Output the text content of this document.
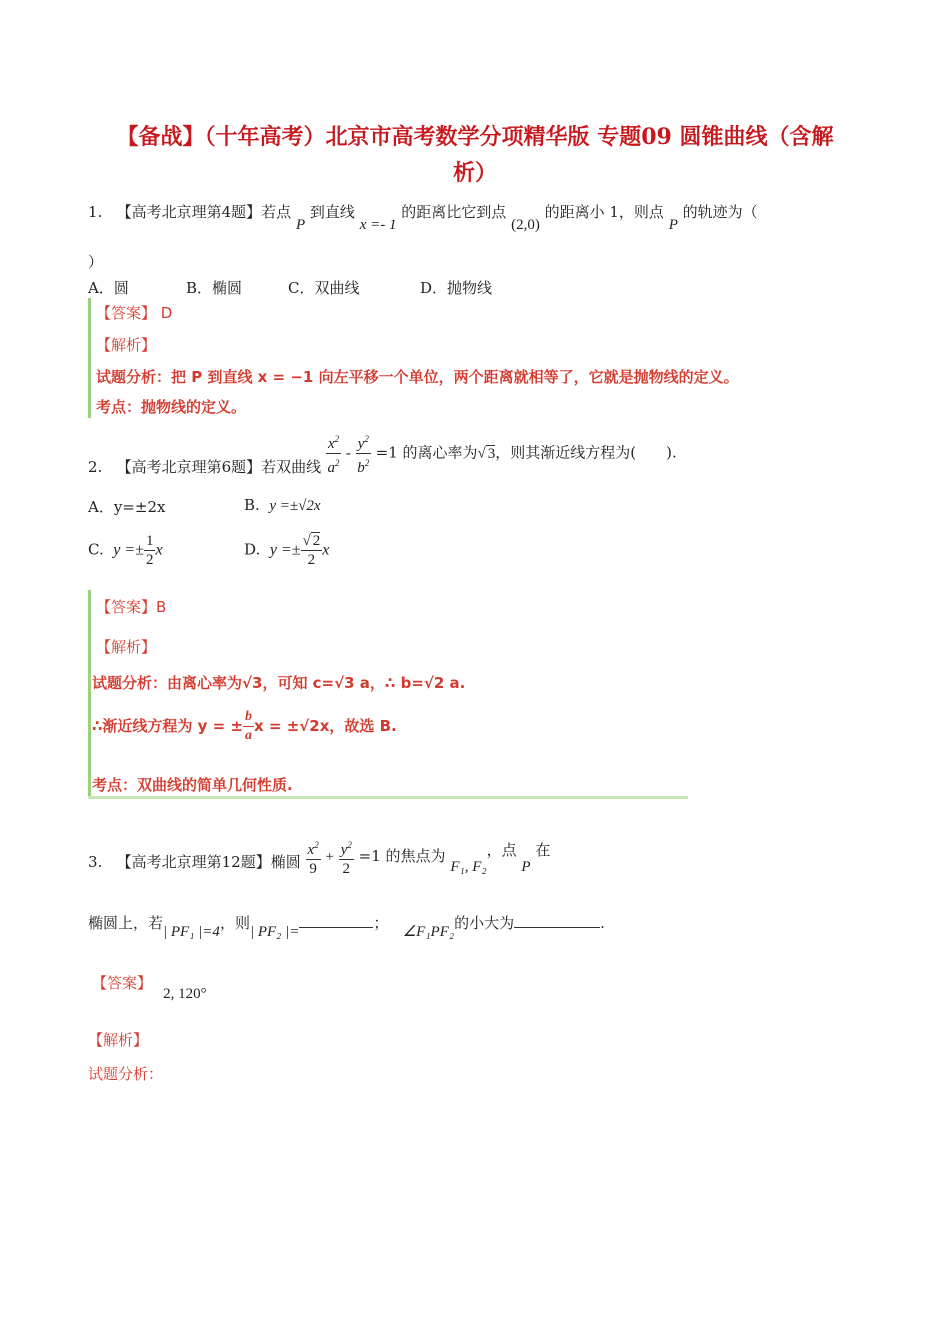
【备战】（十年高考）北京市高考数学分项精华版 专题09 圆锥曲线（含解
析）
1. 【高考北京理第4题】若点 P 到直线 x =- 1 的距离比它到点 (2,0) 的距离小 1，则点 P 的轨迹为（
）
A．圆	B．椭圆	C．双曲线	D．抛物线
【答案】 D
【解析】
试题分析：把 P 到直线 x = −1 向左平移一个单位，两个距离就相等了，它就是抛物线的定义。
考点：抛物线的定义。
2. 【高考北京理第6题】若双曲线 $\frac{x^2}{a^2} - \frac{y^2}{b^2} =1$ 的离心率为√ 3，则其渐近线方程为(　　).
A．y=±2x	B. y =±√2x
C. $y =\pm \frac{1}{2}$ x	D. $y =\pm \frac{√ 2}{2}$ x
【答案】B
【解析】
试题分析：由离心率为√3，可知 c=√3 a，∴ b=√2 a.
∴渐近线方程为 y = ± $\frac{b}{a}$ x = ±√2x，故选 B.
考点：双曲线的简单几何性质.
3. 【高考北京理第12题】椭圆 $\frac{x^2}{9} + \frac{y^2}{2} =1$ 的焦点为 F₁, F₂，点 P 在
椭圆上，若| PF₁ |=4，则| PF₂ |=	； ∠F₁PF₂的小大为	.
【答案】 2, 120°
【解析】
试题分析：
